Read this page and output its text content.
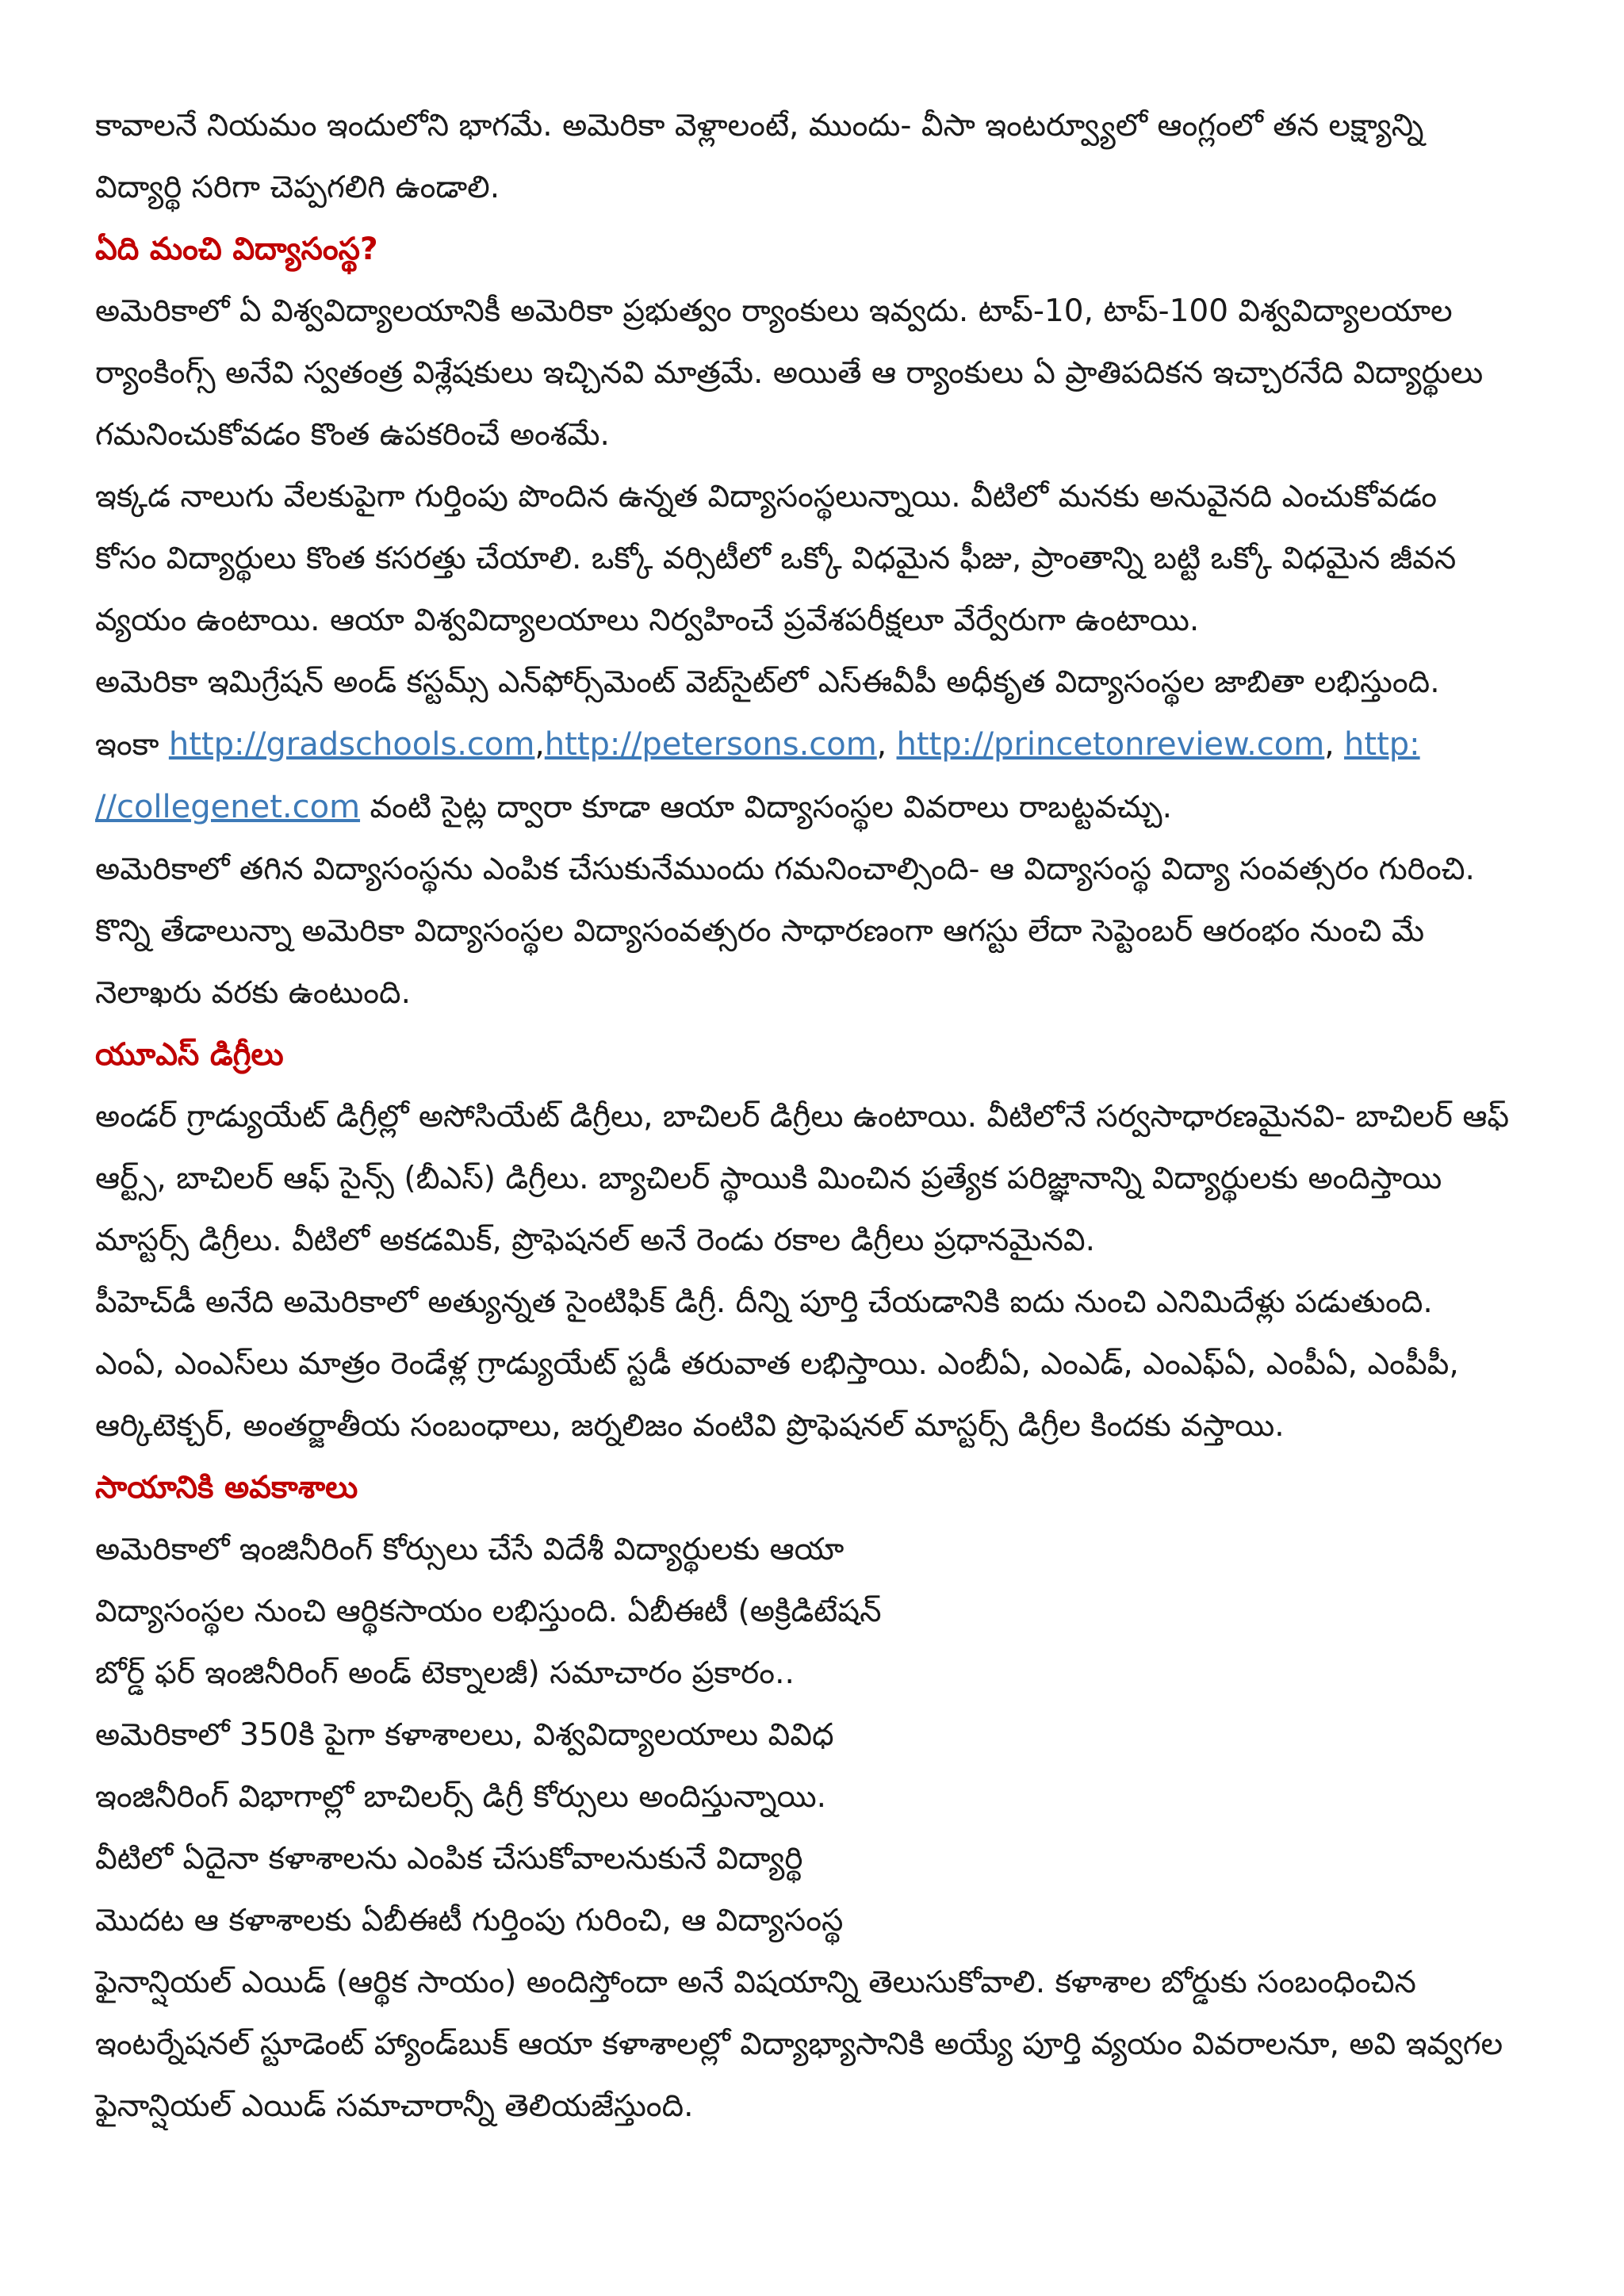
కావాలనే నియమం ఇందులోని భాగమే. అమెరికా వెళ్లాలంటే, ముందు- వీసా ఇంటర్వ్యూలో ఆంగ్లంలో తన లక్ష్యాన్ని
విద్యార్థి సరిగా చెప్పగలిగి ఉండాలి.

ఏది మంచి విద్యాసంస్థ?

అమెరికాలో ఏ విశ్వవిద్యాలయానికీ అమెరికా ప్రభుత్వం ర్యాంకులు ఇవ్వదు. టాప్-10, టాప్-100 విశ్వవిద్యాలయాల
ర్యాంకింగ్స్ అనేవి స్వతంత్ర విశ్లేషకులు ఇచ్చినవి మాత్రమే. అయితే ఆ ర్యాంకులు ఏ ప్రాతిపదికన ఇచ్చారనేది విద్యార్థులు
గమనించుకోవడం కొంత ఉపకరించే అంశమే.

ఇక్కడ నాలుగు వేలకుపైగా గుర్తింపు పొందిన ఉన్నత విద్యాసంస్థలున్నాయి. వీటిలో మనకు అనువైనది ఎంచుకోవడం
కోసం విద్యార్థులు కొంత కసరత్తు చేయాలి. ఒక్కో వర్సిటీలో ఒక్కో విధమైన ఫీజు, ప్రాంతాన్ని బట్టి ఒక్కో విధమైన జీవన
వ్యయం ఉంటాయి. ఆయా విశ్వవిద్యాలయాలు నిర్వహించే ప్రవేశపరీక్షలూ వేర్వేరుగా ఉంటాయి.

అమెరికా ఇమిగ్రేషన్ అండ్ కస్టమ్స్ ఎన్‌ఫోర్స్‌మెంట్ వెబ్‌సైట్‌లో ఎస్ఈవీపీ అధీకృత విద్యాసంస్థల జాబితా లభిస్తుంది.
ఇంకా http://gradschools.com,http://petersons.com, http://princetonreview.com, http:
//collegenet.com వంటి సైట్ల ద్వారా కూడా ఆయా విద్యాసంస్థల వివరాలు రాబట్టవచ్చు.

అమెరికాలో తగిన విద్యాసంస్థను ఎంపిక చేసుకునేముందు గమనించాల్సింది- ఆ విద్యాసంస్థ విద్యా సంవత్సరం గురించి.
కొన్ని తేడాలున్నా అమెరికా విద్యాసంస్థల విద్యాసంవత్సరం సాధారణంగా ఆగస్టు లేదా సెప్టెంబర్ ఆరంభం నుంచి మే
నెలాఖరు వరకు ఉంటుంది.

యూఎస్ డిగ్రీలు

అండర్ గ్రాడ్యుయేట్ డిగ్రీల్లో అసోసియేట్ డిగ్రీలు, బాచిలర్ డిగ్రీలు ఉంటాయి. వీటిలోనే సర్వసాధారణమైనవి- బాచిలర్ ఆఫ్
ఆర్ట్స్, బాచిలర్ ఆఫ్ సైన్స్ (బీఎస్) డిగ్రీలు. బ్యాచిలర్ స్థాయికి మించిన ప్రత్యేక పరిజ్ఞానాన్ని విద్యార్థులకు అందిస్తాయి
మాస్టర్స్ డిగ్రీలు. వీటిలో అకడమిక్, ప్రొఫెషనల్ అనే రెండు రకాల డిగ్రీలు ప్రధానమైనవి.

పీహెచ్‌డీ అనేది అమెరికాలో అత్యున్నత సైంటిఫిక్ డిగ్రీ. దీన్ని పూర్తి చేయడానికి ఐదు నుంచి ఎనిమిదేళ్లు పడుతుంది.
ఎంఏ, ఎంఎస్‌లు మాత్రం రెండేళ్ల గ్రాడ్యుయేట్ స్టడీ తరువాత లభిస్తాయి. ఎంబీఏ, ఎంఎడ్, ఎంఎఫ్ఏ, ఎంపీఏ, ఎంపీపీ,
ఆర్కిటెక్చర్, అంతర్జాతీయ సంబంధాలు, జర్నలిజం వంటివి ప్రొఫెషనల్ మాస్టర్స్ డిగ్రీల కిందకు వస్తాయి.

సాయానికి అవకాశాలు

అమెరికాలో ఇంజినీరింగ్ కోర్సులు చేసే విదేశీ విద్యార్థులకు ఆయా
విద్యాసంస్థల నుంచి ఆర్థికసాయం లభిస్తుంది. ఏబీఈటీ (అక్రిడిటేషన్
బోర్డ్ ఫర్ ఇంజినీరింగ్ అండ్ టెక్నాలజీ) సమాచారం ప్రకారం..
అమెరికాలో 350కి పైగా కళాశాలలు, విశ్వవిద్యాలయాలు వివిధ
ఇంజినీరింగ్ విభాగాల్లో బాచిలర్స్ డిగ్రీ కోర్సులు అందిస్తున్నాయి.
వీటిలో ఏదైనా కళాశాలను ఎంపిక చేసుకోవాలనుకునే విద్యార్థి
మొదట ఆ కళాశాలకు ఏబీఈటీ గుర్తింపు గురించి, ఆ విద్యాసంస్థ
ఫైనాన్షియల్ ఎయిడ్ (ఆర్థిక సాయం) అందిస్తోందా అనే విషయాన్ని తెలుసుకోవాలి. కళాశాల బోర్డుకు సంబంధించిన
ఇంటర్నేషనల్ స్టూడెంట్ హ్యాండ్‌బుక్ ఆయా కళాశాలల్లో విద్యాభ్యాసానికి అయ్యే పూర్తి వ్యయం వివరాలనూ, అవి ఇవ్వగల
ఫైనాన్షియల్ ఎయిడ్ సమాచారాన్నీ తెలియజేస్తుంది.
